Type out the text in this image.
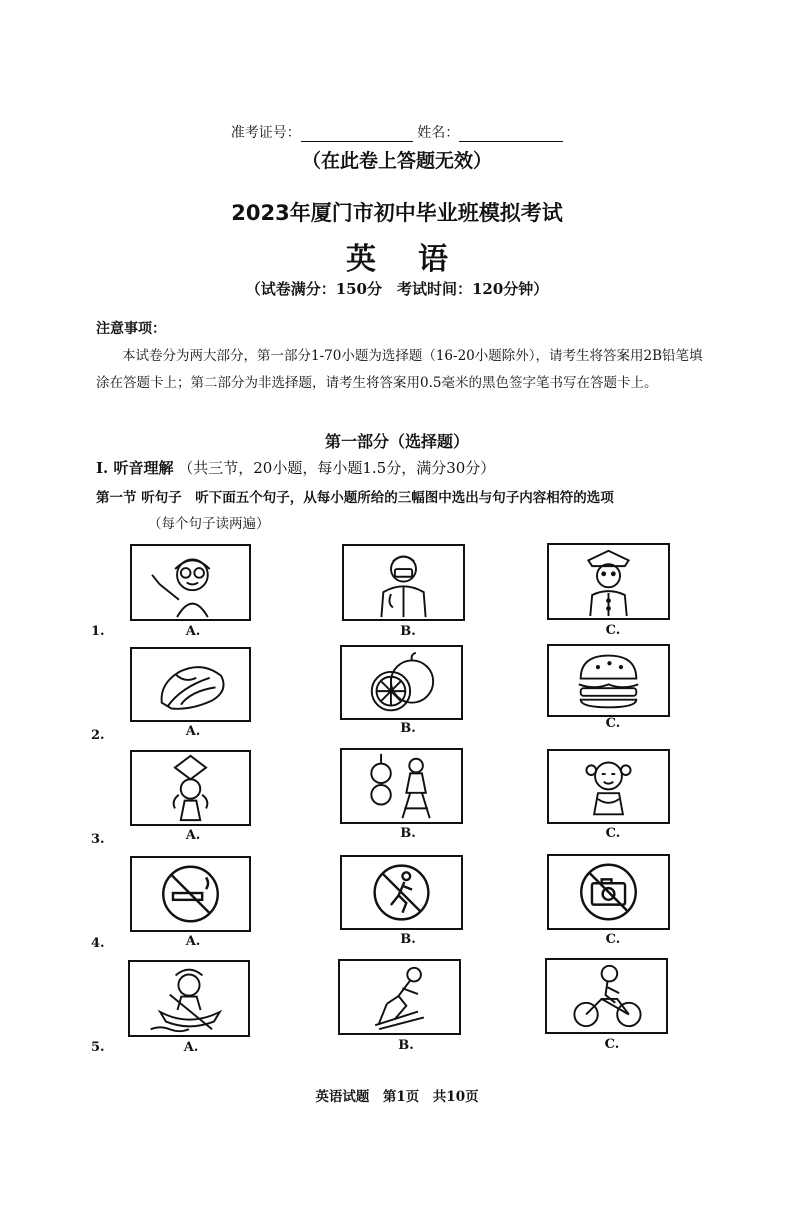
准考证号：	姓名：
（在此卷上答题无效）
2023年厦门市初中毕业班模拟考试
英语
（试卷满分：150分　考试时间：120分钟）
注意事项：
本试卷分为两大部分，第一部分1-70小题为选择题（16-20小题除外），请考生将答案用2B铅笔填涂在答题卡上；第二部分为非选择题，请考生将答案用0.5毫米的黑色签字笔书写在答题卡上。
第一部分（选择题）
I. 听音理解 （共三节，20小题，每小题1.5分，满分30分）
第一节 听句子　听下面五个句子，从每小题所给的三幅图中选出与句子内容相符的选项
（每个句子读两遍）
1.	A.	B.	C.
2.	A.	B.	C.
3.	A.	B.	C.
4.	A.	B.	C.
5.	A.	B.	C.
英语试题　第1页　共10页
